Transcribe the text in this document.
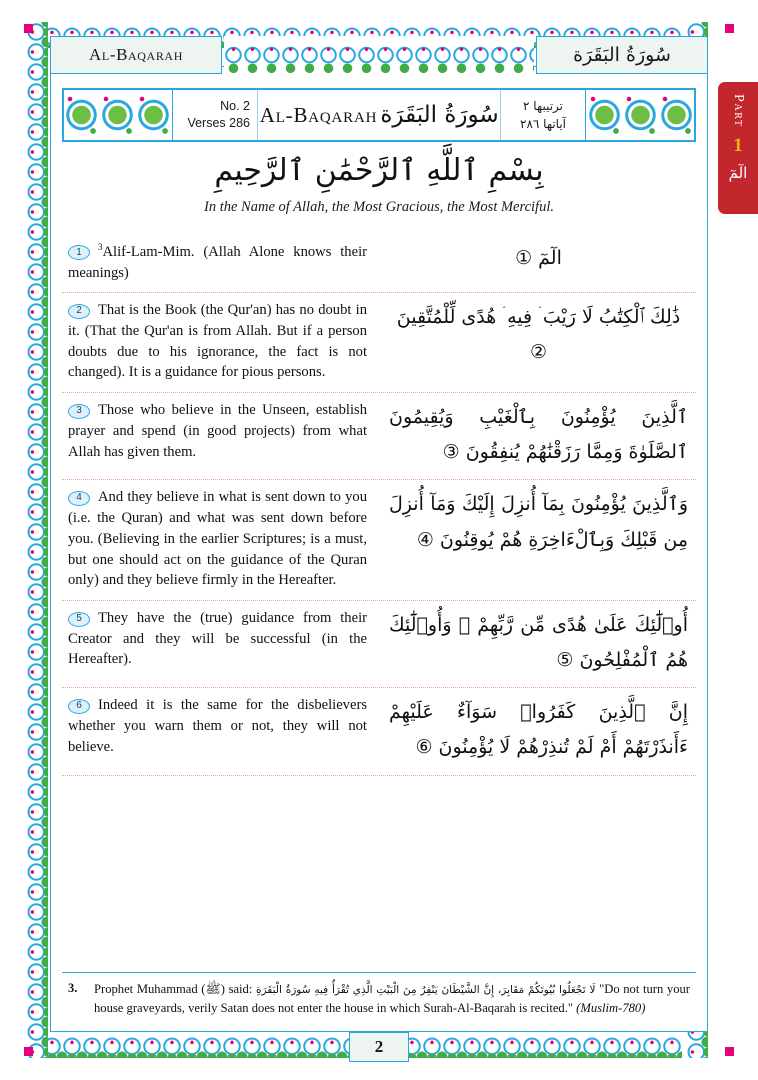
Al-Baqarah	سُورَةُ البَقَرَة
No. 2
Verses 286 Al-Baqarah سُورَةُ البَقَرَة ترتيبها ٢
آياتها ٢٨٦	Part
1
الٓمٓ
بِسْمِ ٱللَّهِ ٱلرَّحْمَٰنِ ٱلرَّحِيمِ
In the Name of Allah, the Most Gracious, the Most Merciful.
1 $^3$Alif-Lam-Mim. (Allah Alone knows their meanings)
الٓمٓ ①
2 That is the Book (the Qur'an) has no doubt in it. (That the Qur'an is from Allah. But if a person doubts due to his ignorance, the fact is not changed). It is a guidance for pious persons.
ذَٰلِكَ ٱلْكِتَٰبُ لَا رَيْبَ ۛ فِيهِ ۛ هُدًى لِّلْمُتَّقِينَ ②
3 Those who believe in the Unseen, establish prayer and spend (in good projects) from what Allah has given them.
ٱلَّذِينَ يُؤْمِنُونَ بِٱلْغَيْبِ وَيُقِيمُونَ ٱلصَّلَوٰةَ وَمِمَّا رَزَقْنَٰهُمْ يُنفِقُونَ ③
4 And they believe in what is sent down to you (i.e. the Quran) and what was sent down before you. (Believing in the earlier Scriptures; is a must, but one should act on the guidance of the Quran only) and they believe firmly in the Hereafter.
وَٱلَّذِينَ يُؤْمِنُونَ بِمَآ أُنزِلَ إِلَيْكَ وَمَآ أُنزِلَ مِن قَبْلِكَ وَبِٱلْءَاخِرَةِ هُمْ يُوقِنُونَ ④
5 They have the (true) guidance from their Creator and they will be successful (in the Hereafter).
أُو۟لَٰٓئِكَ عَلَىٰ هُدًى مِّن رَّبِّهِمْ ۖ وَأُو۟لَٰٓئِكَ هُمُ ٱلْمُفْلِحُونَ ⑤
6 Indeed it is the same for the disbelievers whether you warn them or not, they will not believe.
إِنَّ ٱلَّذِينَ كَفَرُوا۟ سَوَآءٌ عَلَيْهِمْ ءَأَنذَرْتَهُمْ أَمْ لَمْ تُنذِرْهُمْ لَا يُؤْمِنُونَ ⑥
3.	Prophet Muhammad (ﷺ) said: لَا تَجْعَلُوا بُيُوتَكُمْ مَقَابِرَ، إِنَّ الشَّيْطَانَ يَنْفِرُ مِنَ الْبَيْتِ الَّذِي تُقْرَأُ فِيهِ سُورَةُ الْبَقَرَةِ "Do not turn your house graveyards, verily Satan does not enter the house in which Surah-Al-Baqarah is recited." (Muslim-780)
2
